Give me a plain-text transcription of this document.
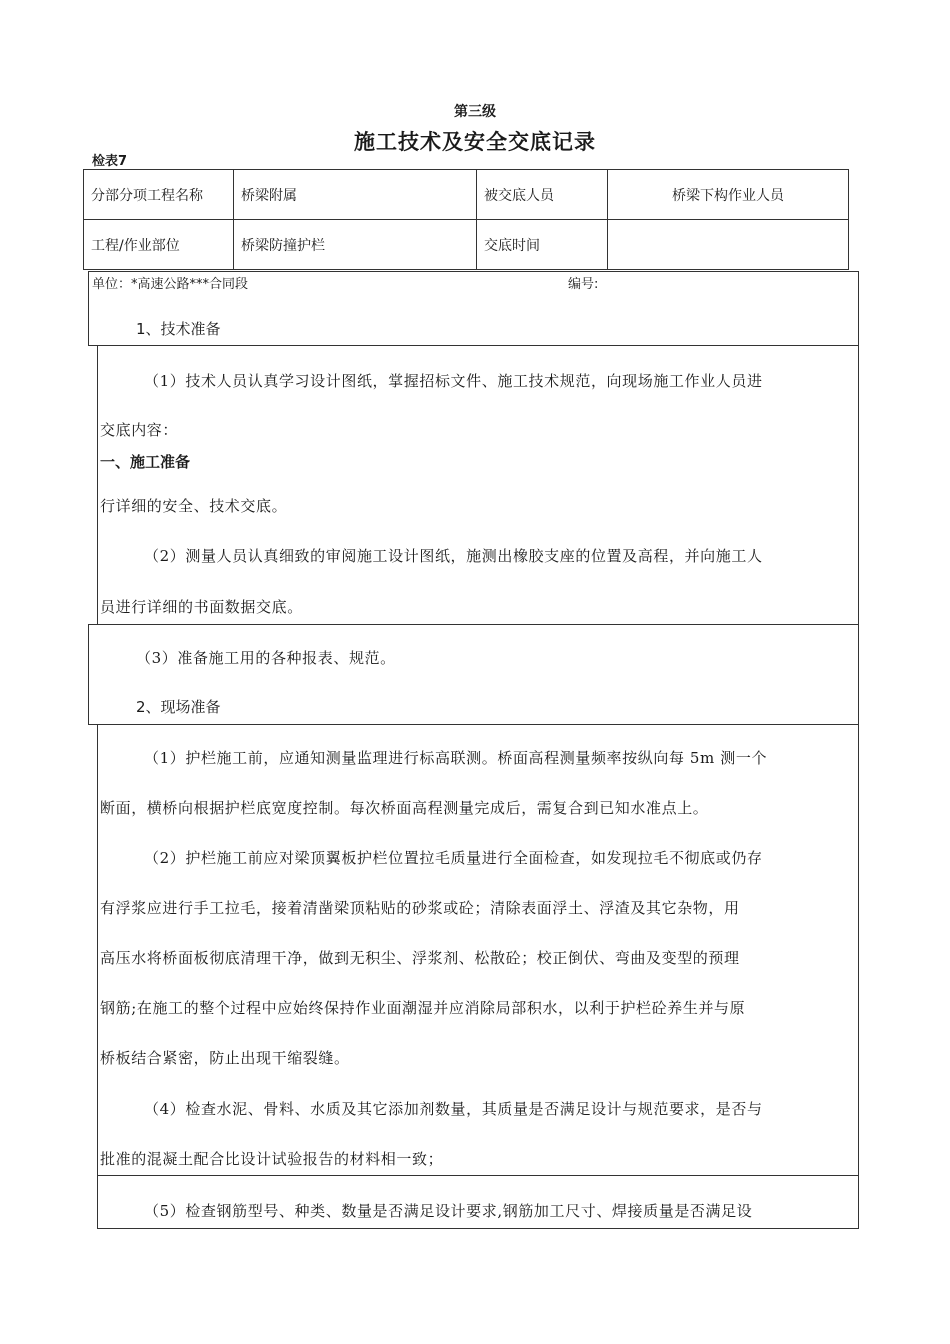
第三级
施工技术及安全交底记录
检表7
分部分项工程名称	桥梁附属	被交底人员	桥梁下构作业人员
工程/作业部位	桥梁防撞护栏	交底时间	
单位：*高速公路***合同段	编号:
1、技术准备
（1）技术人员认真学习设计图纸，掌握招标文件、施工技术规范，向现场施工作业人员进
交底内容：
一、施工准备
行详细的安全、技术交底。
（2）测量人员认真细致的审阅施工设计图纸，施测出橡胶支座的位置及高程，并向施工人
员进行详细的书面数据交底。
（3）准备施工用的各种报表、规范。
2、现场准备
（1）护栏施工前，应通知测量监理进行标高联测。桥面高程测量频率按纵向每 5m 测一个
断面，横桥向根据护栏底宽度控制。每次桥面高程测量完成后，需复合到已知水准点上。
（2）护栏施工前应对梁顶翼板护栏位置拉毛质量进行全面检查，如发现拉毛不彻底或仍存
有浮浆应进行手工拉毛，接着清凿梁顶粘贴的砂浆或砼；清除表面浮土、浮渣及其它杂物，用
高压水将桥面板彻底清理干净，做到无积尘、浮浆剂、松散砼；校正倒伏、弯曲及变型的预理
钢筋;在施工的整个过程中应始终保持作业面潮湿并应消除局部积水，以利于护栏砼养生并与原
桥板结合紧密，防止出现干缩裂缝。
（4）检查水泥、骨料、水质及其它添加剂数量，其质量是否满足设计与规范要求，是否与
批准的混凝土配合比设计试验报告的材料相一致；
（5）检查钢筋型号、种类、数量是否满足设计要求,钢筋加工尺寸、焊接质量是否满足设
